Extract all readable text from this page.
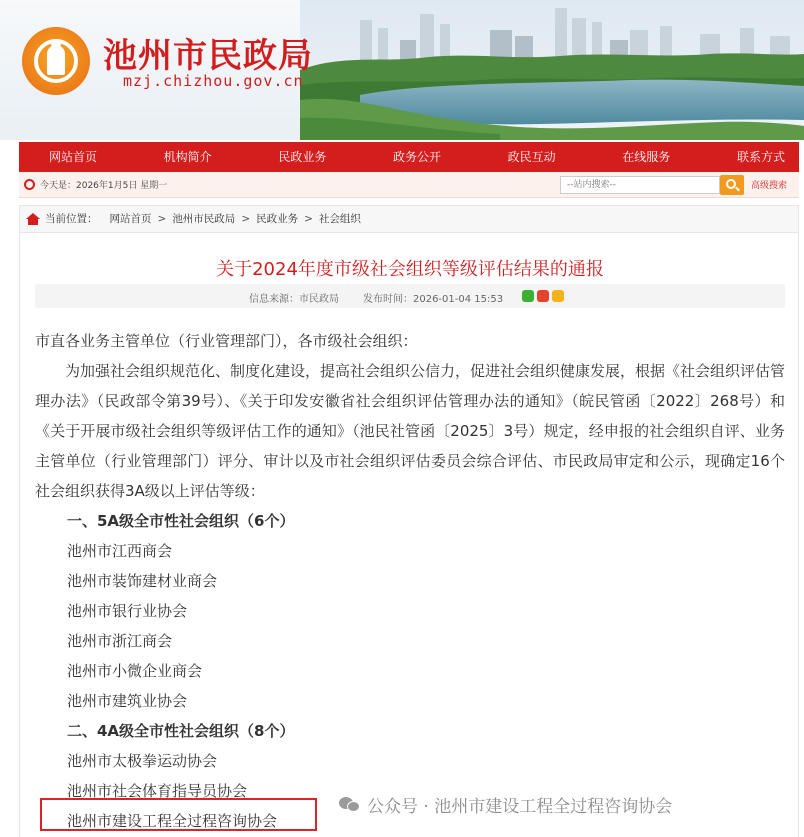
池州市民政局
mzj.chizhou.gov.cn
网站首页	机构简介	民政业务	政务公开	政民互动	在线服务	联系方式
今天是：2026年1月5日 星期一	--站内搜索--	高级搜索
当前位置： 网站首页 > 池州市民政局 > 民政业务 > 社会组织
关于2024年度市级社会组织等级评估结果的通报
信息来源：市民政局 发布时间：2026-01-04 15:53

市直各业务主管单位（行业管理部门），各市级社会组织：

为加强社会组织规范化、制度化建设，提高社会组织公信力，促进社会组织健康发展，根据《社会组织评估管理办法》（民政部令第39号）、《关于印发安徽省社会组织评估管理办法的通知》（皖民管函〔2022〕268号）和《关于开展市级社会组织等级评估工作的通知》（池民社管函〔2025〕3号）规定，经申报的社会组织自评、业务主管单位（行业管理部门）评分、审计以及市社会组织评估委员会综合评估、市民政局审定和公示，现确定16个社会组织获得3A级以上评估等级：

一、5A级全市性社会组织（6个）

池州市江西商会

池州市装饰建材业商会

池州市银行业协会

池州市浙江商会

池州市小微企业商会

池州市建筑业协会

二、4A级全市性社会组织（8个）

池州市太极拳运动协会

池州市社会体育指导员协会

池州市建设工程全过程咨询协会

公众号 · 池州市建设工程全过程咨询协会
